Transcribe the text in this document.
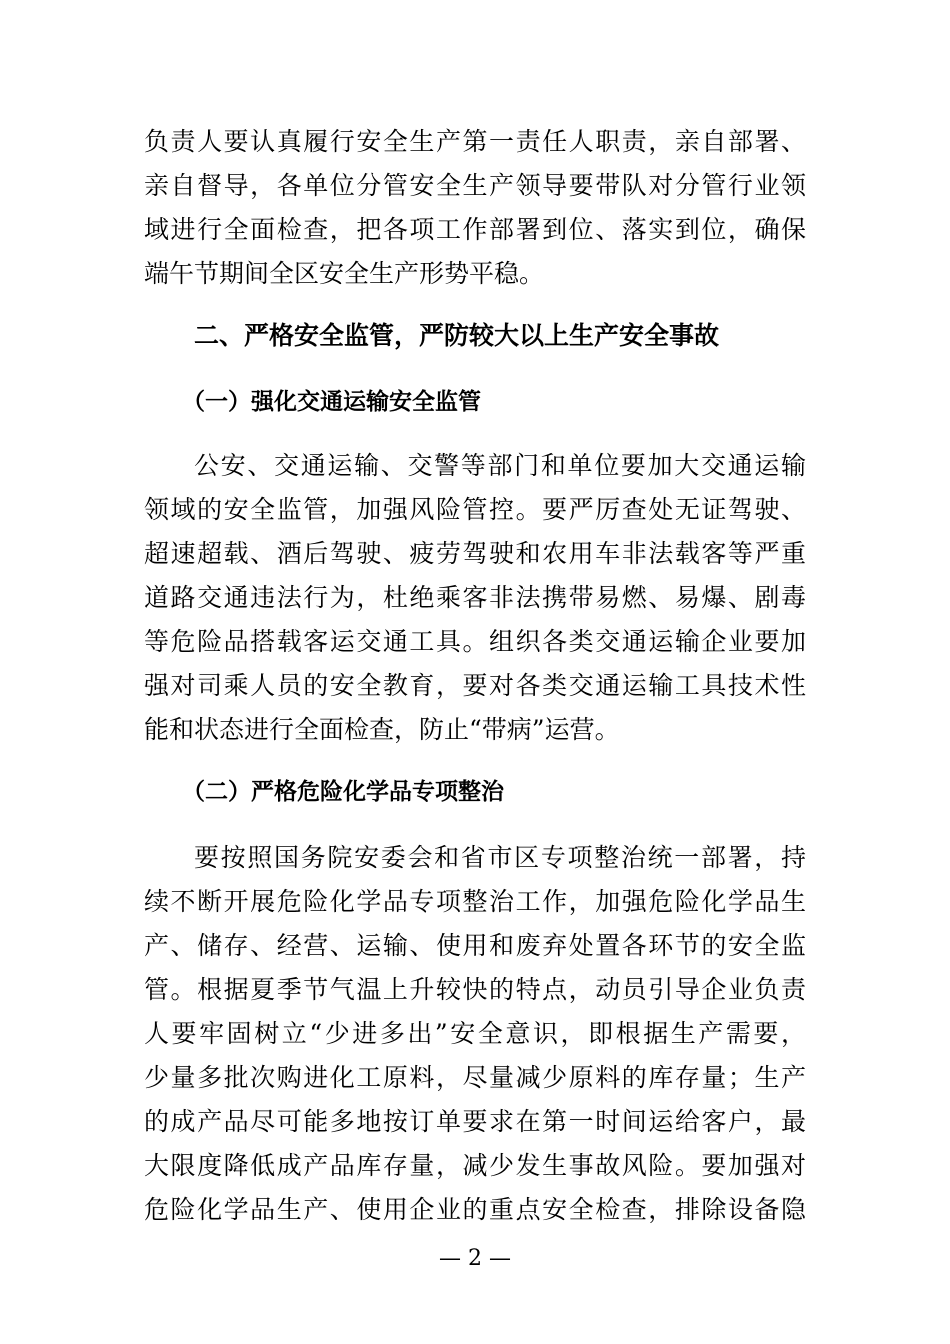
负责人要认真履行安全生产第一责任人职责，亲自部署、
亲自督导，各单位分管安全生产领导要带队对分管行业领
域进行全面检查，把各项工作部署到位、落实到位，确保
端午节期间全区安全生产形势平稳。
二、严格安全监管，严防较大以上生产安全事故
（一）强化交通运输安全监管
公安、交通运输、交警等部门和单位要加大交通运输
领域的安全监管，加强风险管控。要严厉查处无证驾驶、
超速超载、酒后驾驶、疲劳驾驶和农用车非法载客等严重
道路交通违法行为，杜绝乘客非法携带易燃、易爆、剧毒
等危险品搭载客运交通工具。组织各类交通运输企业要加
强对司乘人员的安全教育，要对各类交通运输工具技术性
能和状态进行全面检查，防止“带病”运营。
（二）严格危险化学品专项整治
要按照国务院安委会和省市区专项整治统一部署，持
续不断开展危险化学品专项整治工作，加强危险化学品生
产、储存、经营、运输、使用和废弃处置各环节的安全监
管。根据夏季节气温上升较快的特点，动员引导企业负责
人要牢固树立“少进多出”安全意识，即根据生产需要，
少量多批次购进化工原料，尽量减少原料的库存量；生产
的成产品尽可能多地按订单要求在第一时间运给客户，最
大限度降低成产品库存量，减少发生事故风险。要加强对
危险化学品生产、使用企业的重点安全检查，排除设备隐
— 2 —
